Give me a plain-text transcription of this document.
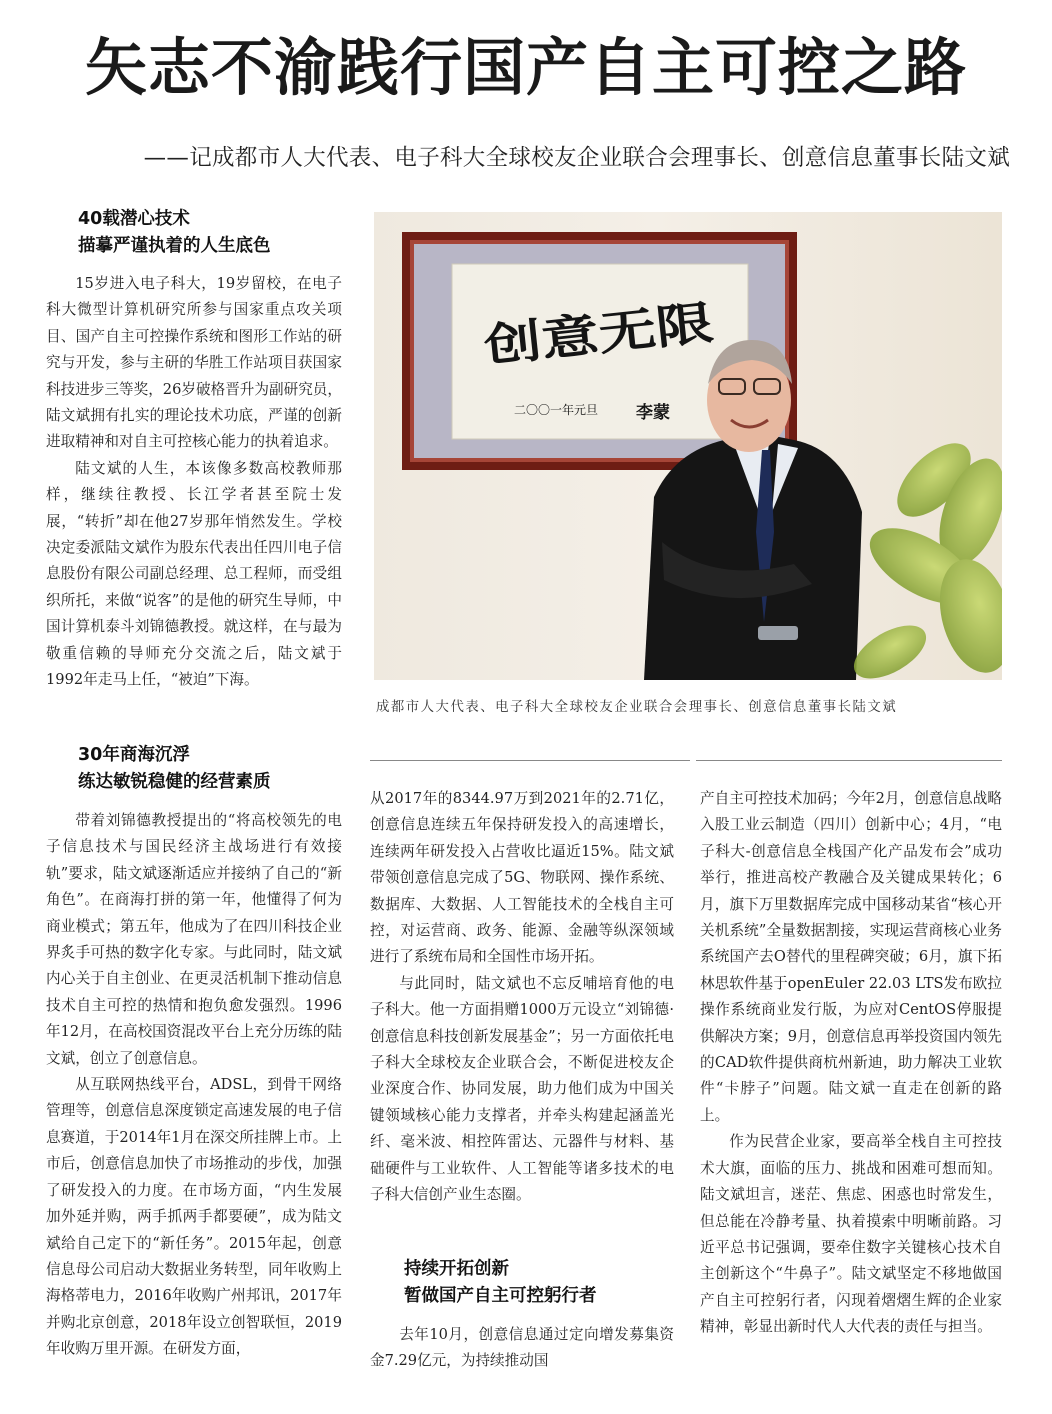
矢志不渝践行国产自主可控之路
——记成都市人大代表、电子科大全球校友企业联合会理事长、创意信息董事长陆文斌
40载潜心技术
描摹严谨执着的人生底色

15岁进入电子科大，19岁留校，在电子科大微型计算机研究所参与国家重点攻关项目、国产自主可控操作系统和图形工作站的研究与开发，参与主研的华胜工作站项目获国家科技进步三等奖，26岁破格晋升为副研究员，陆文斌拥有扎实的理论技术功底，严谨的创新进取精神和对自主可控核心能力的执着追求。

陆文斌的人生，本该像多数高校教师那样，继续往教授、长江学者甚至院士发展，“转折”却在他27岁那年悄然发生。学校决定委派陆文斌作为股东代表出任四川电子信息股份有限公司副总经理、总工程师，而受组织所托，来做“说客”的是他的研究生导师，中国计算机泰斗刘锦德教授。就这样，在与最为敬重信赖的导师充分交流之后，陆文斌于1992年走马上任，“被迫”下海。

30年商海沉浮
练达敏锐稳健的经营素质

带着刘锦德教授提出的“将高校领先的电子信息技术与国民经济主战场进行有效接轨”要求，陆文斌逐渐适应并接纳了自己的“新角色”。在商海打拼的第一年，他懂得了何为商业模式；第五年，他成为了在四川科技企业界炙手可热的数字化专家。与此同时，陆文斌内心关于自主创业、在更灵活机制下推动信息技术自主可控的热情和抱负愈发强烈。1996年12月，在高校国资混改平台上充分历练的陆文斌，创立了创意信息。

从互联网热线平台，ADSL，到骨干网络管理等，创意信息深度锁定高速发展的电子信息赛道，于2014年1月在深交所挂牌上市。上市后，创意信息加快了市场推动的步伐，加强了研发投入的力度。在市场方面，“内生发展加外延并购，两手抓两手都要硬”，成为陆文斌给自己定下的“新任务”。2015年起，创意信息母公司启动大数据业务转型，同年收购上海格蒂电力，2016年收购广州邦讯，2017年并购北京创意，2018年设立创智联恒，2019年收购万里开源。在研发方面，

创意无限
二〇〇一年元旦 李蒙
成都市人大代表、电子科大全球校友企业联合会理事长、创意信息董事长陆文斌

从2017年的8344.97万到2021年的2.71亿，创意信息连续五年保持研发投入的高速增长，连续两年研发投入占营收比逼近15%。陆文斌带领创意信息完成了5G、物联网、操作系统、数据库、大数据、人工智能技术的全栈自主可控，对运营商、政务、能源、金融等纵深领域进行了系统布局和全国性市场开拓。

与此同时，陆文斌也不忘反哺培育他的电子科大。他一方面捐赠1000万元设立“刘锦德·创意信息科技创新发展基金”；另一方面依托电子科大全球校友企业联合会，不断促进校友企业深度合作、协同发展，助力他们成为中国关键领域核心能力支撑者，并牵头构建起涵盖光纤、毫米波、相控阵雷达、元器件与材料、基础硬件与工业软件、人工智能等诸多技术的电子科大信创产业生态圈。

持续开拓创新
暂做国产自主可控躬行者

去年10月，创意信息通过定向增发募集资金7.29亿元，为持续推动国

产自主可控技术加码；今年2月，创意信息战略入股工业云制造（四川）创新中心；4月，“电子科大-创意信息全栈国产化产品发布会”成功举行，推进高校产教融合及关键成果转化；6月，旗下万里数据库完成中国移动某省“核心开关机系统”全量数据割接，实现运营商核心业务系统国产去O替代的里程碑突破；6月，旗下拓林思软件基于openEuler 22.03 LTS发布欧拉操作系统商业发行版，为应对CentOS停服提供解决方案；9月，创意信息再举投资国内领先的CAD软件提供商杭州新迪，助力解决工业软件“卡脖子”问题。陆文斌一直走在创新的路上。

作为民营企业家，要高举全栈自主可控技术大旗，面临的压力、挑战和困难可想而知。陆文斌坦言，迷茫、焦虑、困惑也时常发生，但总能在冷静考量、执着摸索中明晰前路。习近平总书记强调，要牵住数字关键核心技术自主创新这个“牛鼻子”。陆文斌坚定不移地做国产自主可控躬行者，闪现着熠熠生辉的企业家精神，彰显出新时代人大代表的责任与担当。
